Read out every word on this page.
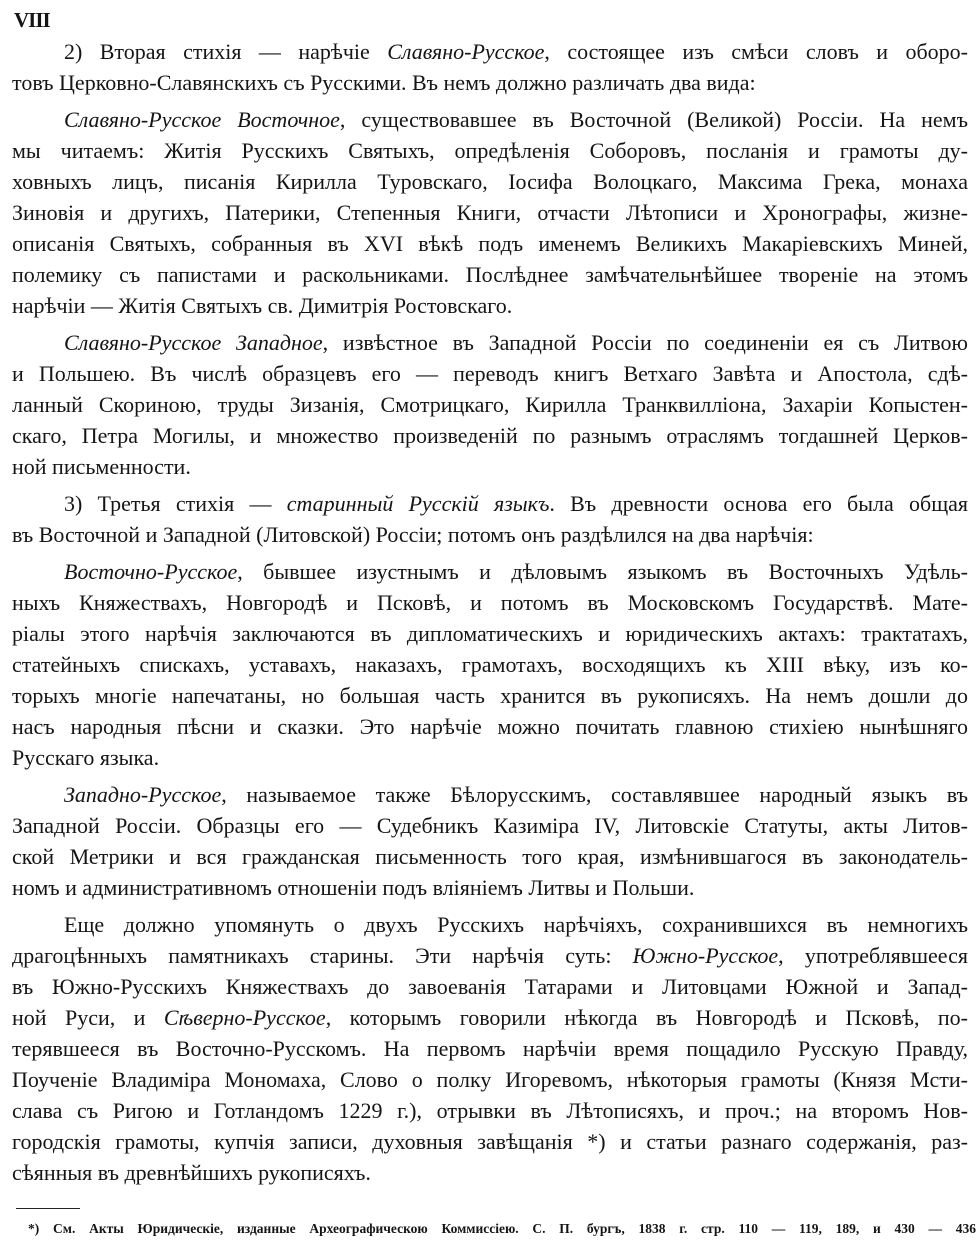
VIII
2) Вторая стихія — нарѣчіе Славяно-Русское, состоящее изъ смѣси словъ и оборо-
товъ Церковно-Славянскихъ съ Русскими. Въ немъ должно различать два вида:
Славяно-Русское Восточное, существовавшее въ Восточной (Великой) Россіи. На немъ
мы читаемъ: Житія Русскихъ Святыхъ, опредѣленія Соборовъ, посланія и грамоты ду-
ховныхъ лицъ, писанія Кирилла Туровскаго, Іосифа Волоцкаго, Максима Грека, монаха
Зиновія и другихъ, Патерики, Степенныя Книги, отчасти Лѣтописи и Хронографы, жизне-
описанія Святыхъ, собранныя въ XVI вѣкѣ подъ именемъ Великихъ Макаріевскихъ Миней,
полемику съ папистами и раскольниками. Послѣднее замѣчательнѣйшее твореніе на этомъ
нарѣчіи — Житія Святыхъ св. Димитрія Ростовскаго.
Славяно-Русское Западное, извѣстное въ Западной Россіи по соединеніи ея съ Литвою
и Польшею. Въ числѣ образцевъ его — переводъ книгъ Ветхаго Завѣта и Апостола, сдѣ-
ланный Скориною, труды Зизанія, Смотрицкаго, Кирилла Транквилліона, Захаріи Копыстен-
скаго, Петра Могилы, и множество произведеній по разнымъ отраслямъ тогдашней Церков-
ной письменности.
3) Третья стихія — старинный Русскій языкъ. Въ древности основа его была общая
въ Восточной и Западной (Литовской) Россіи; потомъ онъ раздѣлился на два нарѣчія:
Восточно-Русское, бывшее изустнымъ и дѣловымъ языкомъ въ Восточныхъ Удѣль-
ныхъ Княжествахъ, Новгородѣ и Псковѣ, и потомъ въ Московскомъ Государствѣ. Мате-
ріалы этого нарѣчія заключаются въ дипломатическихъ и юридическихъ актахъ: трактатахъ,
статейныхъ спискахъ, уставахъ, наказахъ, грамотахъ, восходящихъ къ XIII вѣку, изъ ко-
торыхъ многіе напечатаны, но большая часть хранится въ рукописяхъ. На немъ дошли до
насъ народныя пѣсни и сказки. Это нарѣчіе можно почитать главною стихіею нынѣшняго
Русскаго языка.
Западно-Русское, называемое также Бѣлорусскимъ, составлявшее народный языкъ въ
Западной Россіи. Образцы его — Судебникъ Казиміра IV, Литовскіе Статуты, акты Литов-
ской Метрики и вся гражданская письменность того края, измѣнившагося въ законодатель-
номъ и административномъ отношеніи подъ вліяніемъ Литвы и Польши.
Еще должно упомянуть о двухъ Русскихъ нарѣчіяхъ, сохранившихся въ немногихъ
драгоцѣнныхъ памятникахъ старины. Эти нарѣчія суть: Южно-Русское, употреблявшееся
въ Южно-Русскихъ Княжествахъ до завоеванія Татарами и Литовцами Южной и Запад-
ной Руси, и Сѣверно-Русское, которымъ говорили нѣкогда въ Новгородѣ и Псковѣ, по-
терявшееся въ Восточно-Русскомъ. На первомъ нарѣчіи время пощадило Русскую Правду,
Поученіе Владиміра Мономаха, Слово о полку Игоревомъ, нѣкоторыя грамоты (Князя Мсти-
слава съ Ригою и Готландомъ 1229 г.), отрывки въ Лѣтописяхъ, и проч.; на второмъ Нов-
городскія грамоты, купчія записи, духовныя завѣщанія *) и статьи разнаго содержанія, раз-
сѣянныя въ древнѣйшихъ рукописяхъ.
*) См. Акты Юридическіе, изданные Археографическою Коммиссіею. С. П. бургъ, 1838 г. стр. 110 — 119, 189, и 430 — 436
